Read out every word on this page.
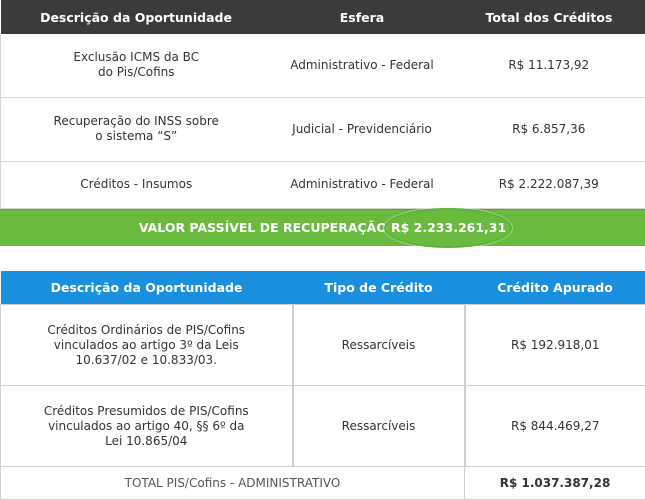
Descrição da Oportunidade	Esfera	Total dos Créditos
Exclusão ICMS da BC
do Pis/Cofins	Administrativo - Federal	R$ 11.173,92
Recuperação do INSS sobre
o sistema “S”	Judicial - Previdenciário	R$ 6.857,36
Créditos - Insumos	Administrativo - Federal	R$ 2.222.087,39
VALOR PASSÍVEL DE RECUPERAÇÃO R$ 2.233.261,31
Descrição da Oportunidade	Tipo de Crédito	Crédito Apurado
Créditos Ordinários de PIS/Cofins
vinculados ao artigo 3º da Leis
10.637/02 e 10.833/03.	Ressarcíveis	R$ 192.918,01
Créditos Presumidos de PIS/Cofins
vinculados ao artigo 40, §§ 6º da
Lei 10.865/04	Ressarcíveis	R$ 844.469,27
TOTAL PIS/Cofins - ADMINISTRATIVO		R$ 1.037.387,28
